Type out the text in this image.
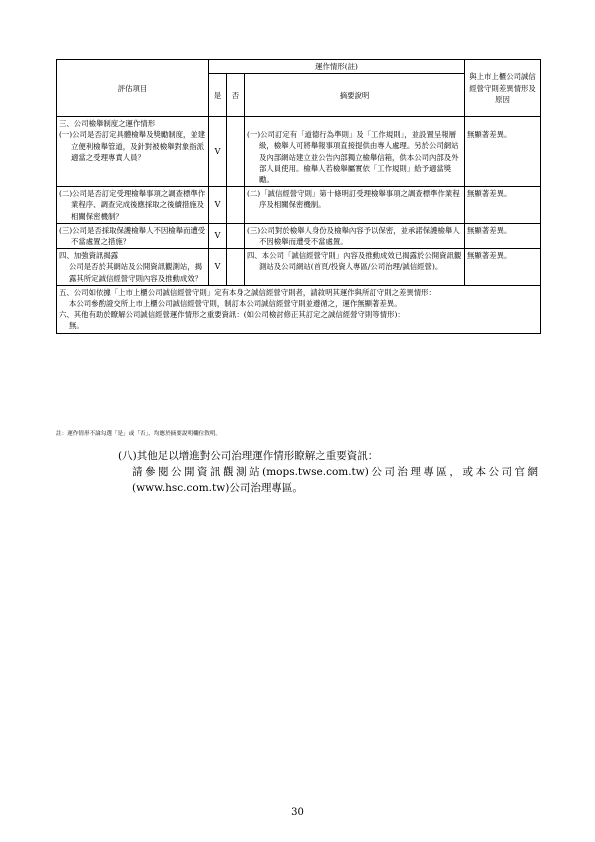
評估項目	運作情形(註)			與上市上櫃公司誠信經營守則差異情形及原因
	是	否	摘要說明	

三、公司檢舉制度之運作情形
(一)公司是否訂定具體檢舉及獎勵制度，並建立便利檢舉管道，及針對被檢舉對象指派適當之受理專責人員？	V		(一)公司訂定有「道德行為準則」及「工作規則」，並設置呈報層級，檢舉人可將舉報事項直接提供由專人處理。另於公司網站及內部網站建立並公告內部獨立檢舉信箱，供本公司內部及外部人員使用。檢舉人若檢舉屬實依「工作規則」給予適當獎勵。	無顯著差異。

(二)公司是否訂定受理檢舉事項之調查標準作業程序、調查完成後應採取之後續措施及相關保密機制？	V		(二)「誠信經營守則」第十條明訂受理檢舉事項之調查標準作業程序及相關保密機制。	無顯著差異。

(三)公司是否採取保護檢舉人不因檢舉而遭受不當處置之措施？	V		(三)公司對於檢舉人身份及檢舉內容予以保密，並承諾保護檢舉人不因檢舉而遭受不當處置。	無顯著差異。

四、加強資訊揭露
公司是否於其網站及公開資訊觀測站，揭露其所定誠信經營守則內容及推動成效？	V		四、本公司「誠信經營守則」內容及推動成效已揭露於公開資訊觀測站及公司網站(首頁/投資人專區/公司治理/誠信經營)。	無顯著差異。

五、公司如依據「上市上櫃公司誠信經營守則」定有本身之誠信經營守則者，請敘明其運作與所訂守則之差異情形：
本公司參酌證交所上市上櫃公司誠信經營守則，制訂本公司誠信經營守則並遵循之，運作無顯著差異。
六、其他有助於瞭解公司誠信經營運作情形之重要資訊：(如公司檢討修正其訂定之誠信經營守則等情形)：
無。				
註：運作情形不論勾選「是」或「否」，均應於摘要說明欄位敘明。
(八)其他足以增進對公司治理運作情形瞭解之重要資訊：
請參閱公開資訊觀測站(mops.twse.com.tw)公司治理專區，或本公司官網(www.hsc.com.tw)公司治理專區。
30
